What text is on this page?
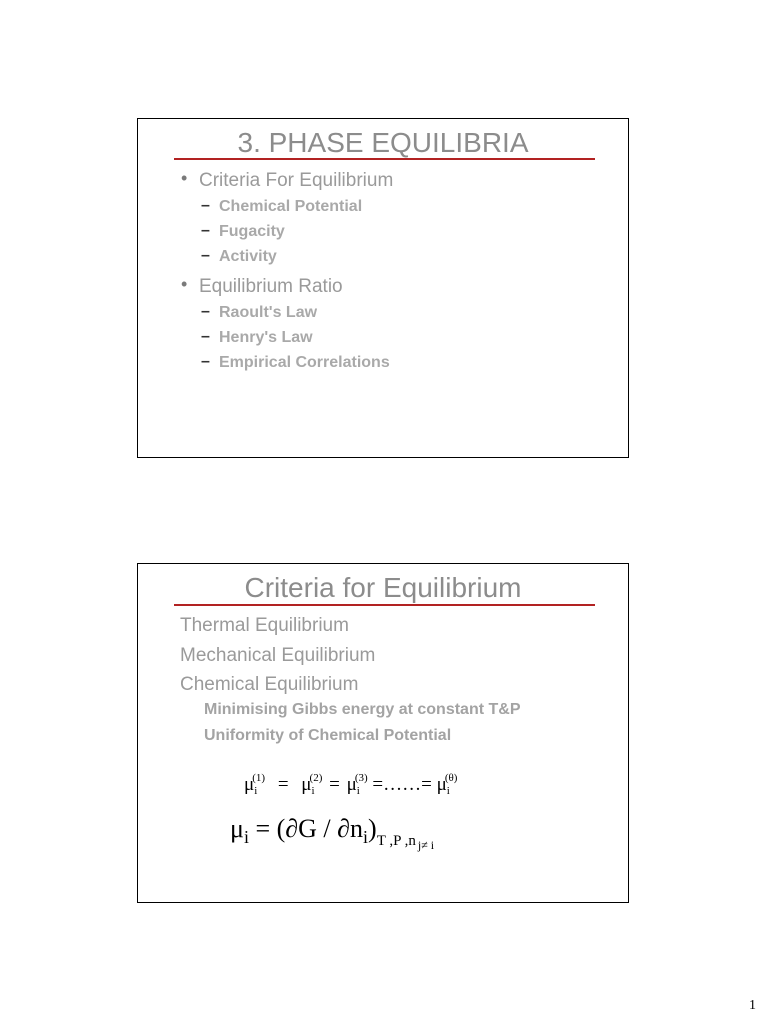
3. PHASE EQUILIBRIA
• Criteria For Equilibrium
– Chemical Potential
– Fugacity
– Activity
• Equilibrium Ratio
– Raoult's Law
– Henry's Law
– Empirical Correlations
Criteria for Equilibrium
Thermal Equilibrium
Mechanical Equilibrium
Chemical Equilibrium
Minimising Gibbs energy at constant T&P
Uniformity of Chemical Potential
$\mu_i^{(1)} = \mu_i^{(2)} = \mu_i^{(3)}$ =……= $\mu_i^{(\theta)}$
$\mu_i = (\partial G / \partial n_i)_{T ,P ,n}$ $_{j\ne i}$
1
